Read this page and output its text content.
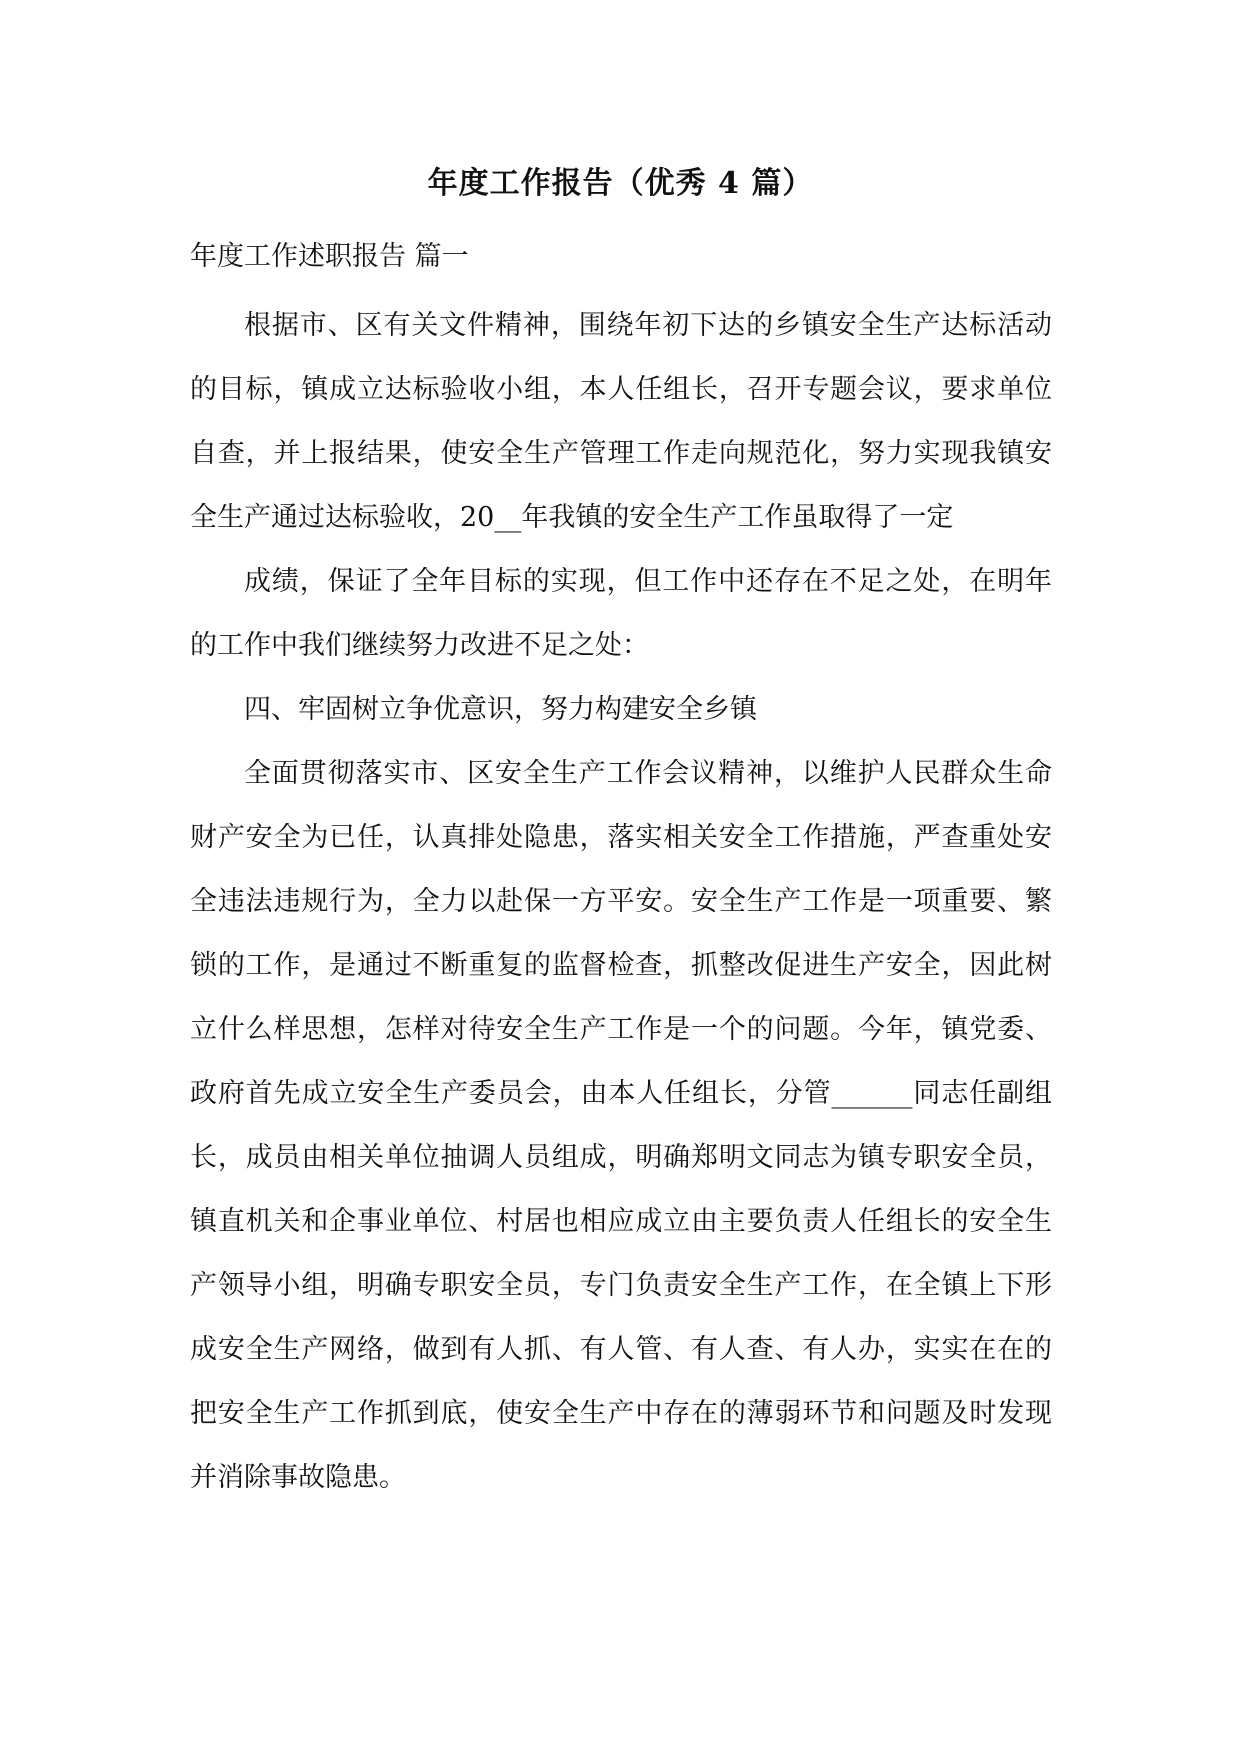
年度工作报告（优秀 4 篇）

年度工作述职报告 篇一

根据市、区有关文件精神，围绕年初下达的乡镇安全生产达标活动的目标，镇成立达标验收小组，本人任组长，召开专题会议，要求单位自查，并上报结果，使安全生产管理工作走向规范化，努力实现我镇安全生产通过达标验收，20__年我镇的安全生产工作虽取得了一定

成绩，保证了全年目标的实现，但工作中还存在不足之处，在明年的工作中我们继续努力改进不足之处：

四、牢固树立争优意识，努力构建安全乡镇

全面贯彻落实市、区安全生产工作会议精神，以维护人民群众生命财产安全为已任，认真排处隐患，落实相关安全工作措施，严查重处安全违法违规行为，全力以赴保一方平安。安全生产工作是一项重要、繁锁的工作，是通过不断重复的监督检查，抓整改促进生产安全，因此树立什么样思想，怎样对待安全生产工作是一个的问题。今年，镇党委、政府首先成立安全生产委员会，由本人任组长，分管______同志任副组长，成员由相关单位抽调人员组成，明确郑明文同志为镇专职安全员，镇直机关和企事业单位、村居也相应成立由主要负责人任组长的安全生产领导小组，明确专职安全员，专门负责安全生产工作，在全镇上下形成安全生产网络，做到有人抓、有人管、有人查、有人办，实实在在的把安全生产工作抓到底，使安全生产中存在的薄弱环节和问题及时发现并消除事故隐患。
